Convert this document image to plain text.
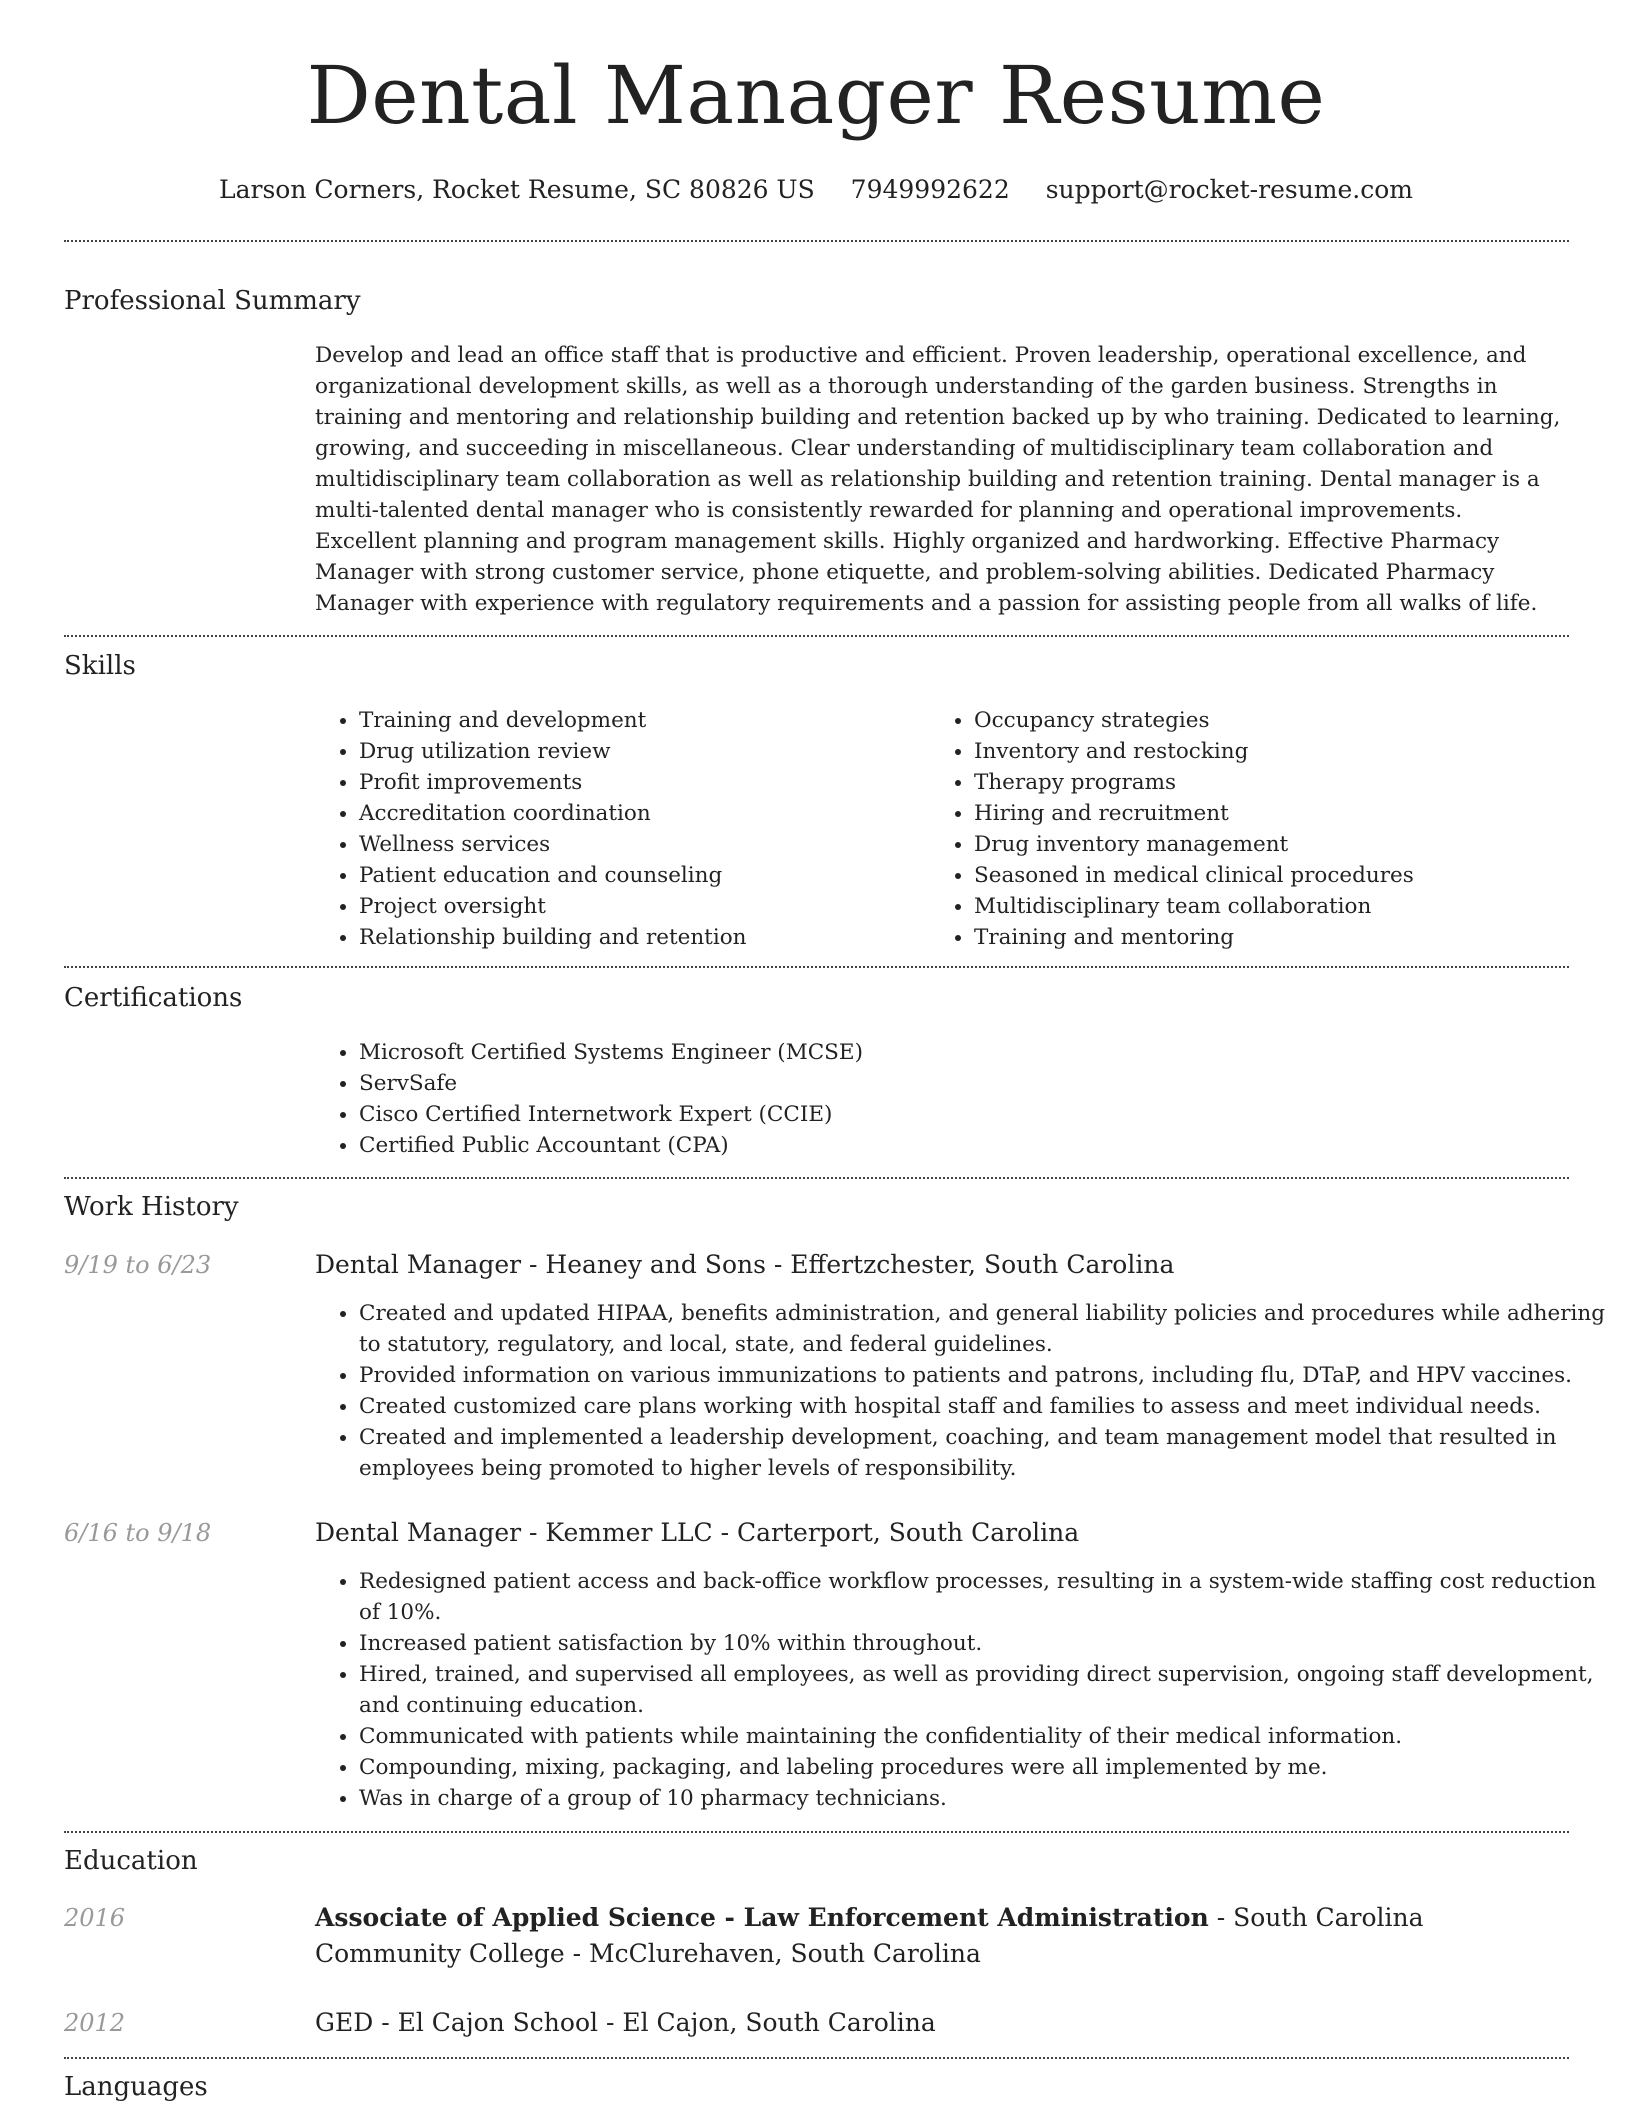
Dental Manager Resume
Larson Corners, Rocket Resume, SC 80826 US 7949992622 support@rocket-resume.com
Professional Summary

Develop and lead an office staff that is productive and efficient. Proven leadership, operational excellence, and organizational development skills, as well as a thorough understanding of the garden business. Strengths in training and mentoring and relationship building and retention backed up by who training. Dedicated to learning, growing, and succeeding in miscellaneous. Clear understanding of multidisciplinary team collaboration and multidisciplinary team collaboration as well as relationship building and retention training. Dental manager is a multi-talented dental manager who is consistently rewarded for planning and operational improvements. Excellent planning and program management skills. Highly organized and hardworking. Effective Pharmacy Manager with strong customer service, phone etiquette, and problem-solving abilities. Dedicated Pharmacy Manager with experience with regulatory requirements and a passion for assisting people from all walks of life.

Skills
• Training and development
• Drug utilization review
• Profit improvements
• Accreditation coordination
• Wellness services
• Patient education and counseling
• Project oversight
• Relationship building and retention
• Occupancy strategies
• Inventory and restocking
• Therapy programs
• Hiring and recruitment
• Drug inventory management
• Seasoned in medical clinical procedures
• Multidisciplinary team collaboration
• Training and mentoring
Certifications
• Microsoft Certified Systems Engineer (MCSE)
• ServSafe
• Cisco Certified Internetwork Expert (CCIE)
• Certified Public Accountant (CPA)
Work History
9/19 to 6/23	Dental Manager - Heaney and Sons - Effertzchester, South Carolina
• Created and updated HIPAA, benefits administration, and general liability policies and procedures while adhering to statutory, regulatory, and local, state, and federal guidelines.
• Provided information on various immunizations to patients and patrons, including flu, DTaP, and HPV vaccines.
• Created customized care plans working with hospital staff and families to assess and meet individual needs.
• Created and implemented a leadership development, coaching, and team management model that resulted in employees being promoted to higher levels of responsibility.
6/16 to 9/18	Dental Manager - Kemmer LLC - Carterport, South Carolina
• Redesigned patient access and back-office workflow processes, resulting in a system-wide staffing cost reduction of 10%.
• Increased patient satisfaction by 10% within throughout.
• Hired, trained, and supervised all employees, as well as providing direct supervision, ongoing staff development, and continuing education.
• Communicated with patients while maintaining the confidentiality of their medical information.
• Compounding, mixing, packaging, and labeling procedures were all implemented by me.
• Was in charge of a group of 10 pharmacy technicians.
Education
2016	Associate of Applied Science - Law Enforcement Administration - South Carolina Community College - McClurehaven, South Carolina
2012	GED - El Cajon School - El Cajon, South Carolina
Languages
